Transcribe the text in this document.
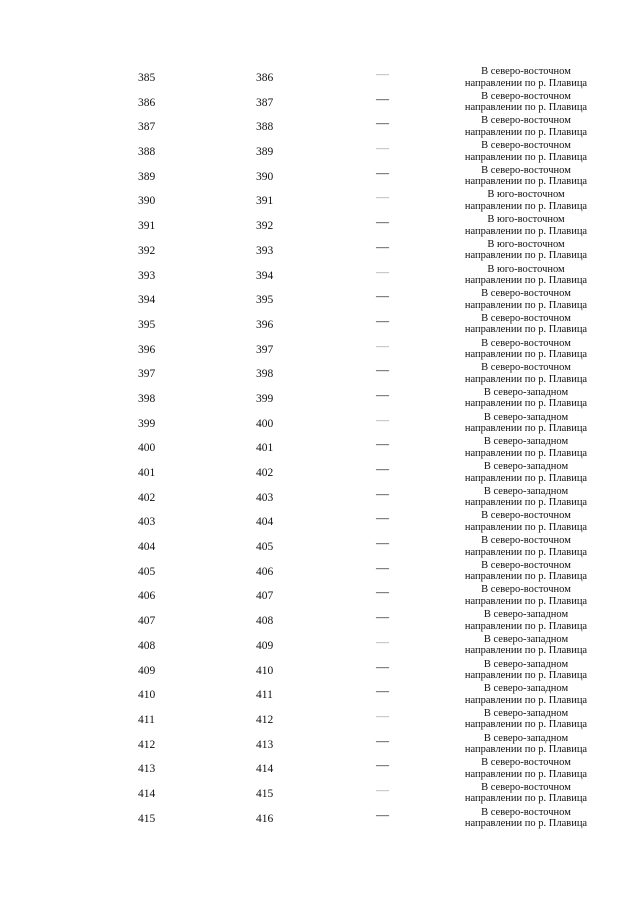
385	386	—	В северо-восточном
направлении по р. Плавица
386	387	—	В северо-восточном
направлении по р. Плавица
387	388	—	В северо-восточном
направлении по р. Плавица
388	389	—	В северо-восточном
направлении по р. Плавица
389	390	—	В северо-восточном
направлении по р. Плавица
390	391	—	В юго-восточном
направлении по р. Плавица
391	392	—	В юго-восточном
направлении по р. Плавица
392	393	—	В юго-восточном
направлении по р. Плавица
393	394	—	В юго-восточном
направлении по р. Плавица
394	395	—	В северо-восточном
направлении по р. Плавица
395	396	—	В северо-восточном
направлении по р. Плавица
396	397	—	В северо-восточном
направлении по р. Плавица
397	398	—	В северо-восточном
направлении по р. Плавица
398	399	—	В северо-западном
направлении по р. Плавица
399	400	—	В северо-западном
направлении по р. Плавица
400	401	—	В северо-западном
направлении по р. Плавица
401	402	—	В северо-западном
направлении по р. Плавица
402	403	—	В северо-западном
направлении по р. Плавица
403	404	—	В северо-восточном
направлении по р. Плавица
404	405	—	В северо-восточном
направлении по р. Плавица
405	406	—	В северо-восточном
направлении по р. Плавица
406	407	—	В северо-восточном
направлении по р. Плавица
407	408	—	В северо-западном
направлении по р. Плавица
408	409	—	В северо-западном
направлении по р. Плавица
409	410	—	В северо-западном
направлении по р. Плавица
410	411	—	В северо-западном
направлении по р. Плавица
411	412	—	В северо-западном
направлении по р. Плавица
412	413	—	В северо-западном
направлении по р. Плавица
413	414	—	В северо-восточном
направлении по р. Плавица
414	415	—	В северо-восточном
направлении по р. Плавица
415	416	—	В северо-восточном
направлении по р. Плавица
